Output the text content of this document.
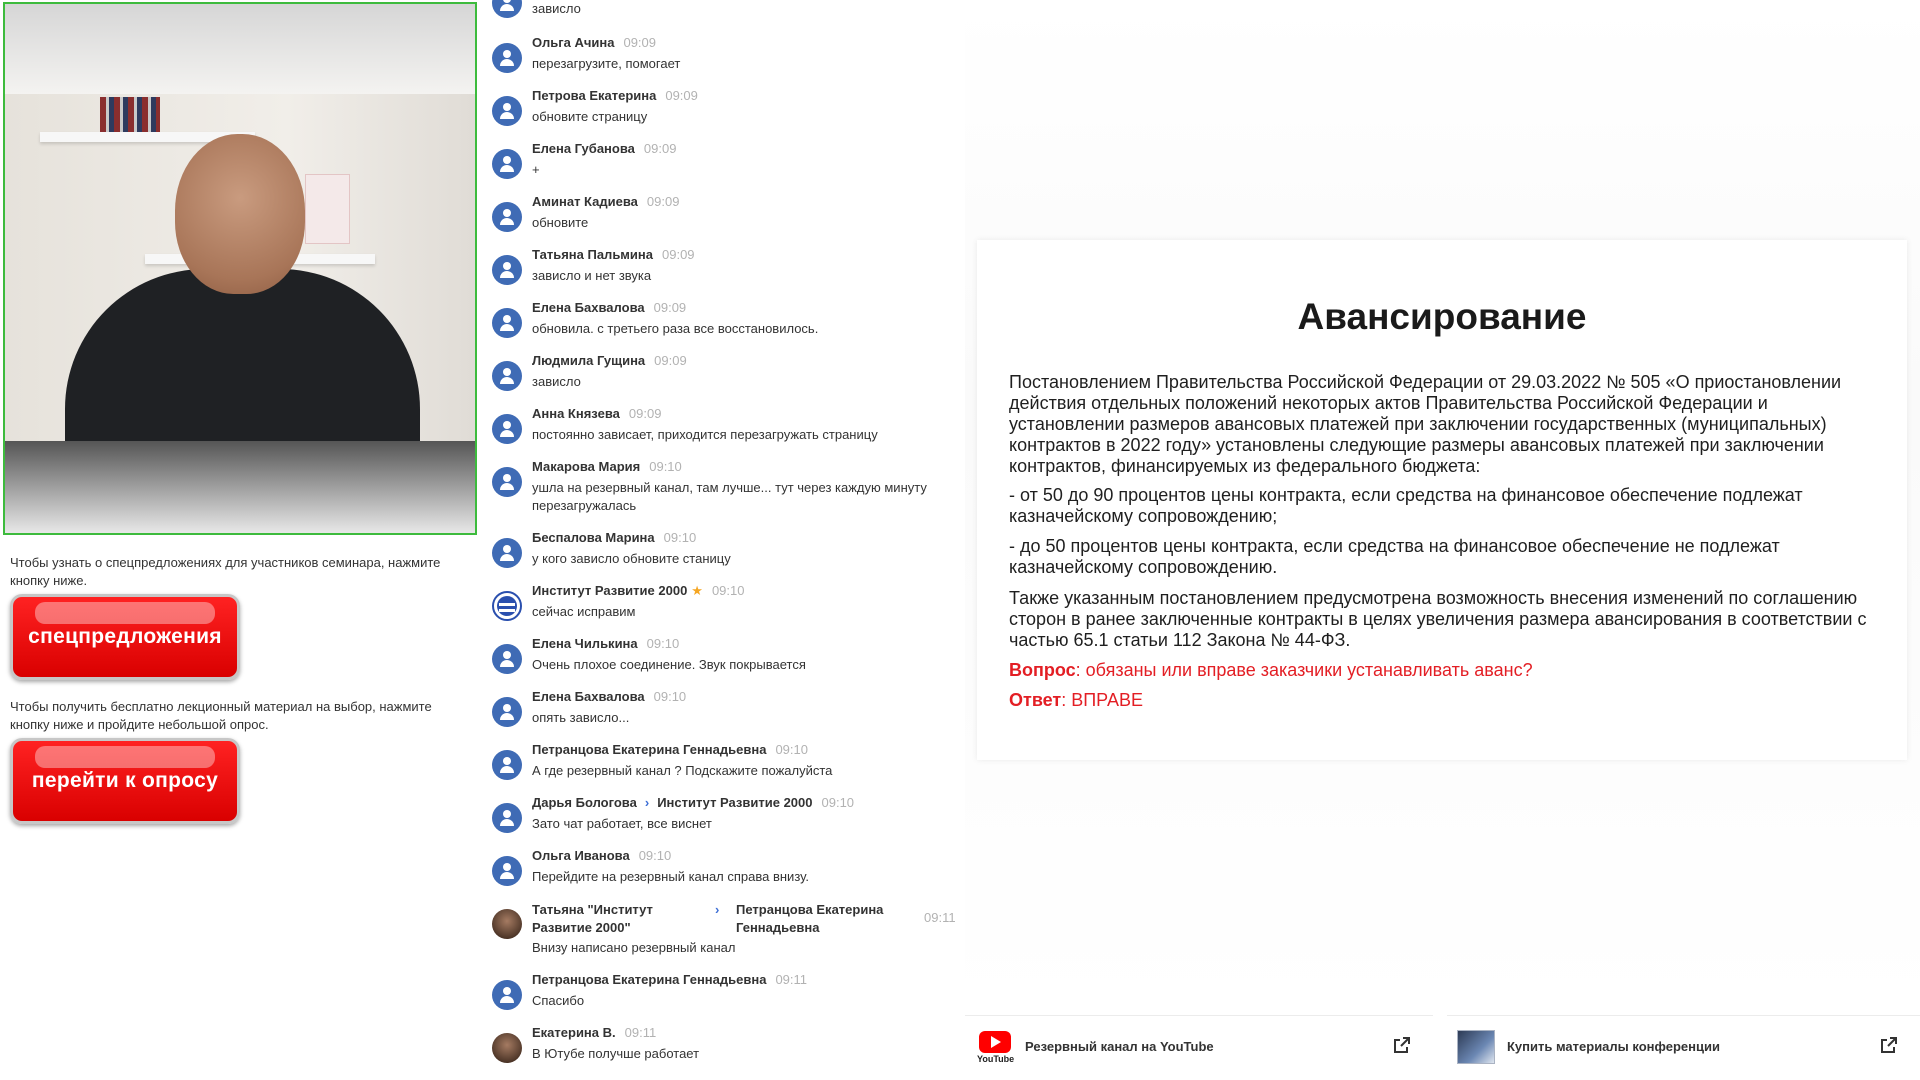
Чтобы узнать о спецпредложениях для участников семинара, нажмите кнопку ниже.
спецпредложения
Чтобы получить бесплатно лекционный материал на выбор, нажмите кнопку ниже и пройдите небольшой опрос.
перейти к опросу
зависло
Ольга Ачина 09:09
перезагрузите, помогает
Петрова Екатерина 09:09
обновите страницу
Елена Губанова 09:09
+
Аминат Кадиева 09:09
обновите
Татьяна Пальмина 09:09
зависло и нет звука
Елена Бахвалова 09:09
обновила. с третьего раза все восстановилось.
Людмила Гущина 09:09
зависло
Анна Князева 09:09
постоянно зависает, приходится перезагружать страницу
Макарова Мария 09:10
ушла на резервный канал, там лучше... тут через каждую минуту перезагружалась
Беспалова Марина 09:10
у кого зависло обновите станицу
Институт Развитие 2000 ★ 09:10
сейчас исправим
Елена Чилькина 09:10
Очень плохое соединение. Звук покрывается
Елена Бахвалова 09:10
опять зависло...
Петранцова Екатерина Геннадьевна 09:10
А где резервный канал ? Подскажите пожалуйста
Дарья Бологова › Институт Развитие 2000 09:10
Зато чат работает, все виснет
Ольга Иванова 09:10
Перейдите на резервный канал справа внизу.
Татьяна "Институт Развитие 2000"
› Петранцова Екатерина Геннадьевна
09:11
Внизу написано резервный канал
Петранцова Екатерина Геннадьевна 09:11
Спасибо
Екатерина В. 09:11
В Ютубе получше работает
Авансирование
Постановлением Правительства Российской Федерации от 29.03.2022 № 505 «О приостановлении действия отдельных положений некоторых актов Правительства Российской Федерации и установлении размеров авансовых платежей при заключении государственных (муниципальных) контрактов в 2022 году» установлены следующие размеры авансовых платежей при заключении контрактов, финансируемых из федерального бюджета:
- от 50 до 90 процентов цены контракта, если средства на финансовое обеспечение подлежат казначейскому сопровождению;
- до 50 процентов цены контракта, если средства на финансовое обеспечение не подлежат казначейскому сопровождению.
Также указанным постановлением предусмотрена возможность внесения изменений по соглашению сторон в ранее заключенные контракты в целях увеличения размера авансирования в соответствии с частью 65.1 статьи 112 Закона № 44-ФЗ.
Вопрос: обязаны или вправе заказчики устанавливать аванс?
Ответ: ВПРАВЕ
YouTube
Резервный канал на YouTube	Купить материалы конференции
